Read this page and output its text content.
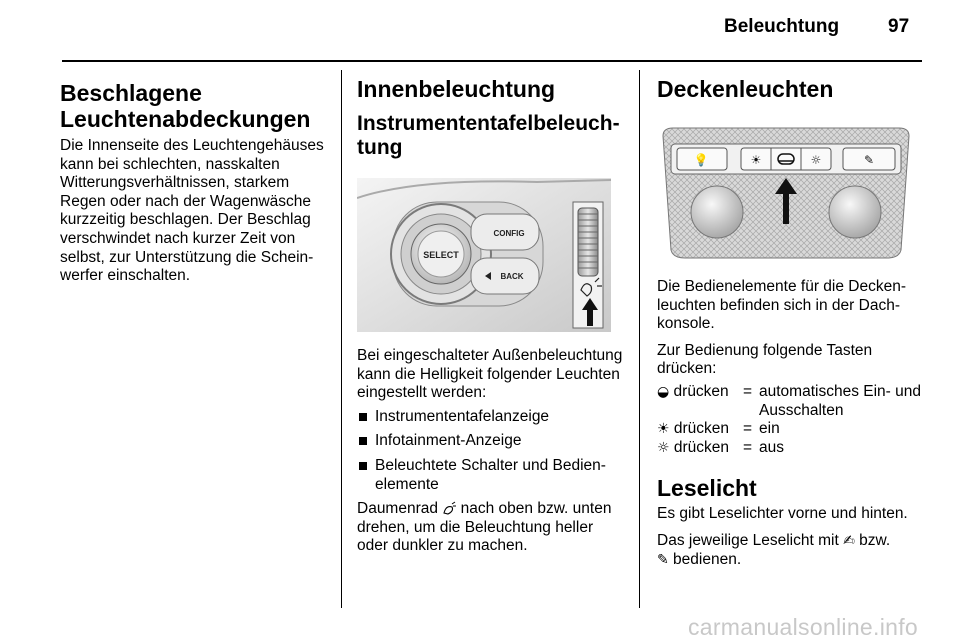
Beleuchtung	97
Beschlagene
Leuchtenabdeckungen

Die Innenseite des Leuchtengehäuses kann bei schlechten, nasskalten Witterungsverhältnissen, starkem Regen oder nach der Wagenwäsche kurzzeitig beschlagen. Der Beschlag verschwindet nach kurzer Zeit von selbst, zur Unterstützung die Scheinwerfer einschalten.

Innenbeleuchtung
Instrumententafelbeleuchtung
SELECT
CONFIG
BACK

Bei eingeschalteter Außenbeleuchtung kann die Helligkeit folgender Leuchten eingestellt werden:

Instrumententafelanzeige
Infotainment-Anzeige
Beleuchtete Schalter und Bedienelemente

Daumenrad nach oben bzw. unten drehen, um die Beleuchtung heller oder dunkler zu machen.

Deckenleuchten
💡	☀	☼	✎

Die Bedienelemente für die Deckenleuchten befinden sich in der Dachkonsole.

Zur Bedienung folgende Tasten drücken:

◒ drücken = automatisches Ein- und Ausschalten
☀ drücken = ein
☼ drücken = aus
Leselicht

Es gibt Leselichter vorne und hinten.

Das jeweilige Leselicht mit ✍ bzw.
✎ bedienen.

carmanualsonline.info
